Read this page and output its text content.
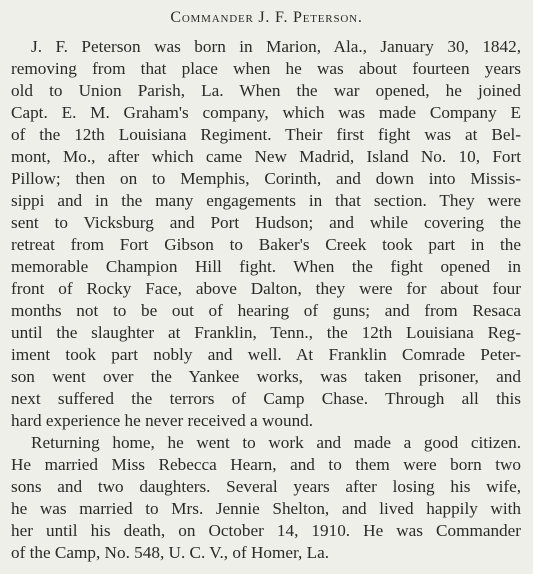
Commander J. F. Peterson.
J. F. Peterson was born in Marion, Ala., January 30, 1842,
removing from that place when he was about fourteen years
old to Union Parish, La. When the war opened, he joined
Capt. E. M. Graham's company, which was made Company E
of the 12th Louisiana Regiment. Their first fight was at Bel-
mont, Mo., after which came New Madrid, Island No. 10, Fort
Pillow; then on to Memphis, Corinth, and down into Missis-
sippi and in the many engagements in that section. They were
sent to Vicksburg and Port Hudson; and while covering the
retreat from Fort Gibson to Baker's Creek took part in the
memorable Champion Hill fight. When the fight opened in
front of Rocky Face, above Dalton, they were for about four
months not to be out of hearing of guns; and from Resaca
until the slaughter at Franklin, Tenn., the 12th Louisiana Reg-
iment took part nobly and well. At Franklin Comrade Peter-
son went over the Yankee works, was taken prisoner, and
next suffered the terrors of Camp Chase. Through all this
hard experience he never received a wound.
Returning home, he went to work and made a good citizen.
He married Miss Rebecca Hearn, and to them were born two
sons and two daughters. Several years after losing his wife,
he was married to Mrs. Jennie Shelton, and lived happily with
her until his death, on October 14, 1910. He was Commander
of the Camp, No. 548, U. C. V., of Homer, La.
